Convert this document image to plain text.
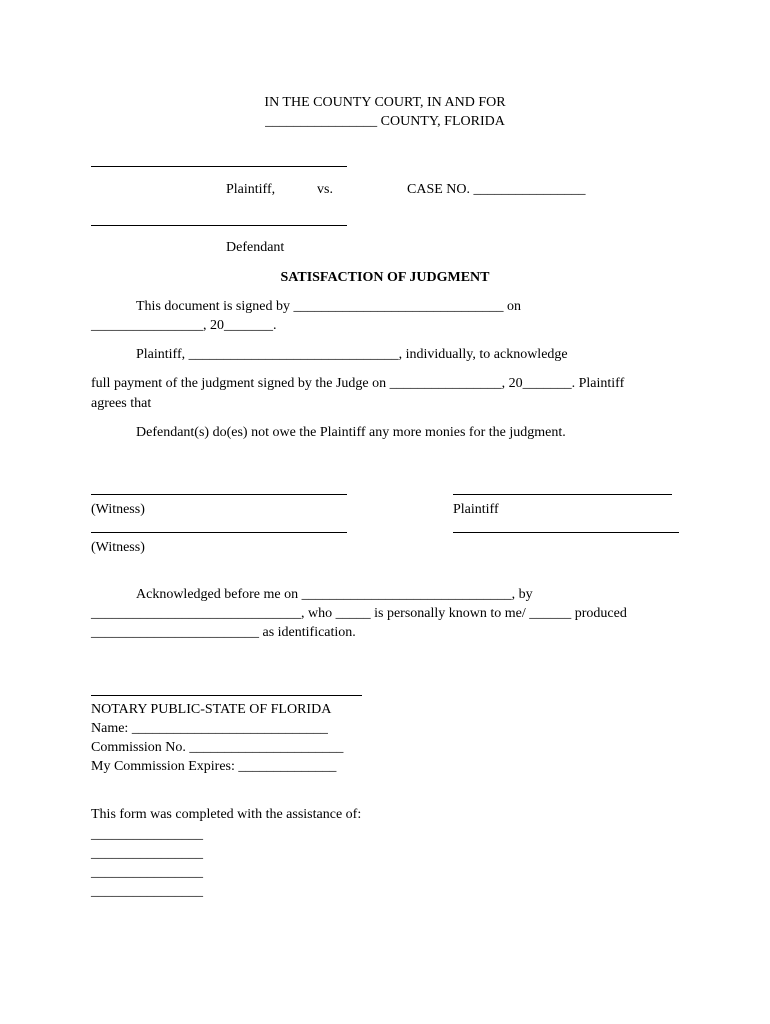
IN THE COUNTY COURT, IN AND FOR
________________ COUNTY, FLORIDA
Plaintiff,	vs.	CASE NO. ________________
Defendant
SATISFACTION OF JUDGMENT
This document is signed by ______________________________ on
________________, 20_______.
Plaintiff, ______________________________, individually, to acknowledge
full payment of the judgment signed by the Judge on ________________, 20_______. Plaintiff
agrees that
Defendant(s) do(es) not owe the Plaintiff any more monies for the judgment.
(Witness)	Plaintiff
(Witness)
Acknowledged before me on ______________________________, by
______________________________, who _____ is personally known to me/ ______ produced
________________________ as identification.
NOTARY PUBLIC-STATE OF FLORIDA
Name: ____________________________
Commission No. ______________________
My Commission Expires: ______________
This form was completed with the assistance of:
________________
________________
________________
________________
